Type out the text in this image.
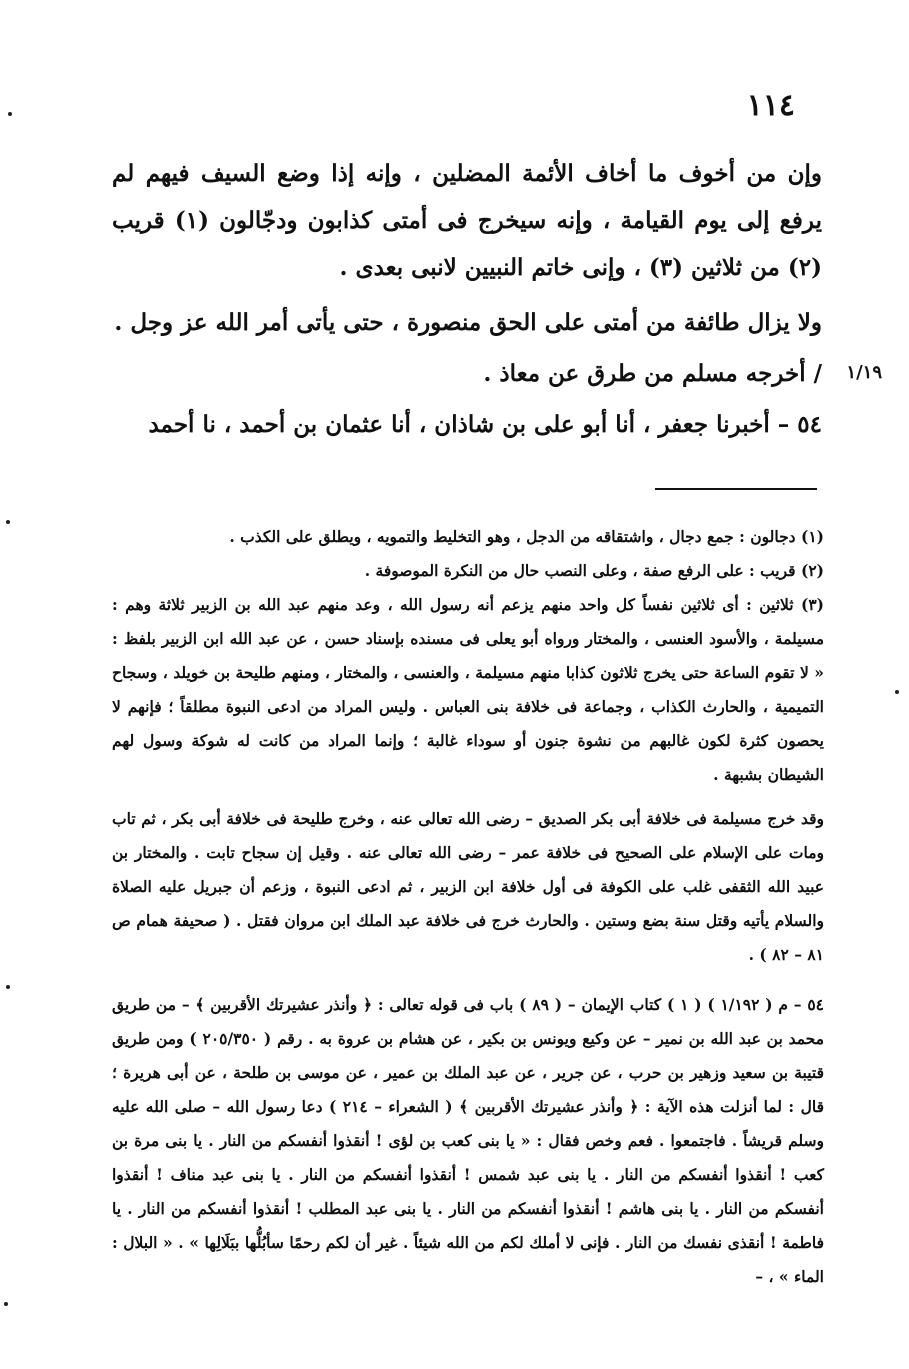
١١٤
١/١٩

وإن من أخوف ما أخاف الأئمة المضلين ، وإنه إذا وضع السيف فيهم لم يرفع إلى يوم القيامة ، وإنه سيخرج فى أمتى كذابون ودجّالون (١) قريب (٢) من ثلاثين (٣) ، وإنى خاتم النبيين لانبى بعدى .

ولا يزال طائفة من أمتى على الحق منصورة ، حتى يأتى أمر الله عز وجل .

/ أخرجه مسلم من طرق عن معاذ .

٥٤ – أخبرنا جعفر ، أنا أبو على بن شاذان ، أنا عثمان بن أحمد ، نا أحمد

(١) دجالون : جمع دجال ، واشتقاقه من الدجل ، وهو التخليط والتمويه ، ويطلق على الكذب .

(٢) قريب : على الرفع صفة ، وعلى النصب حال من النكرة الموصوفة .

(٣) ثلاثين : أى ثلاثين نفساً كل واحد منهم يزعم أنه رسول الله ، وعد منهم عبد الله بن الزبير ثلاثة وهم : مسيلمة ، والأسود العنسى ، والمختار ورواه أبو يعلى فى مسنده بإسناد حسن ، عن عبد الله ابن الزبير بلفظ : « لا تقوم الساعة حتى يخرج ثلاثون كذابا منهم مسيلمة ، والعنسى ، والمختار ، ومنهم طليحة بن خويلد ، وسجاح التميمية ، والحارث الكذاب ، وجماعة فى خلافة بنى العباس . وليس المراد من ادعى النبوة مطلقاً ؛ فإنهم لا يحصون كثرة لكون غالبهم من نشوة جنون أو سوداء غالبة ؛ وإنما المراد من كانت له شوكة وسول لهم الشيطان بشبهة .

وقد خرج مسيلمة فى خلافة أبى بكر الصديق – رضى الله تعالى عنه ، وخرج طليحة فى خلافة أبى بكر ، ثم تاب ومات على الإسلام على الصحيح فى خلافة عمر – رضى الله تعالى عنه . وقيل إن سجاح تابت . والمختار بن عبيد الله الثقفى غلب على الكوفة فى أول خلافة ابن الزبير ، ثم ادعى النبوة ، وزعم أن جبريل عليه الصلاة والسلام يأتيه وقتل سنة بضع وستين . والحارث خرج فى خلافة عبد الملك ابن مروان فقتل . ( صحيفة همام ص ٨١ – ٨٢ ) .

٥٤ – م ( ١/١٩٢ ) ( ١ ) كتاب الإيمان – ( ٨٩ ) باب فى قوله تعالى : ﴿ وأنذر عشيرتك الأقربين ﴾ – من طريق محمد بن عبد الله بن نمير – عن وكيع ويونس بن بكير ، عن هشام بن عروة به . رقم ( ٢٠٥/٣٥٠ ) ومن طريق قتيبة بن سعيد وزهير بن حرب ، عن جرير ، عن عبد الملك بن عمير ، عن موسى بن طلحة ، عن أبى هريرة ؛ قال : لما أنزلت هذه الآية : ﴿ وأنذر عشيرتك الأقربين ﴾ ( الشعراء – ٢١٤ ) دعا رسول الله – صلى الله عليه وسلم قريشاً . فاجتمعوا . فعم وخص فقال : « يا بنى كعب بن لؤى ! أنقذوا أنفسكم من النار . يا بنى مرة بن كعب ! أنقذوا أنفسكم من النار . يا بنى عبد شمس ! أنقذوا أنفسكم من النار . يا بنى عبد مناف ! أنقذوا أنفسكم من النار . يا بنى هاشم ! أنقذوا أنفسكم من النار . يا بنى عبد المطلب ! أنقذوا أنفسكم من النار . يا فاطمة ! أنقذى نفسك من النار . فإنى لا أملك لكم من الله شيئاً . غير أن لكم رحمًا سأبُلُّها ببَلَالِها » . « البلال : الماء » ، –
